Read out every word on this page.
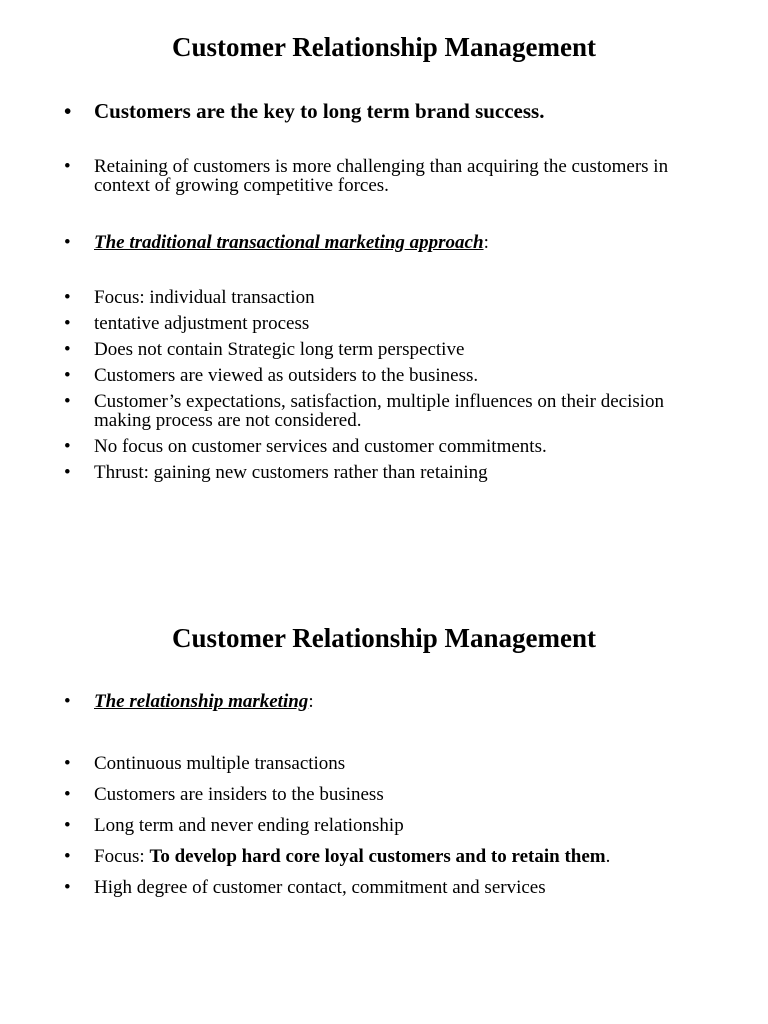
Customer Relationship Management
•	Customers are the key to long term brand success.
•	Retaining of customers is more challenging than acquiring the customers in context of growing competitive forces.
•	The traditional transactional marketing approach:
•	Focus: individual transaction
•	tentative adjustment process
•	Does not contain Strategic long term perspective
•	Customers are viewed as outsiders to the business.
•	Customer’s expectations, satisfaction, multiple influences on their decision making process are not considered.
•	No focus on customer services and customer commitments.
•	Thrust: gaining new customers rather than retaining
Customer Relationship Management
•	The relationship marketing:
•	Continuous multiple transactions
•	Customers are insiders to the business
•	Long term and never ending relationship
•	Focus: To develop hard core loyal customers and to retain them.
•	High degree of customer contact, commitment and services
